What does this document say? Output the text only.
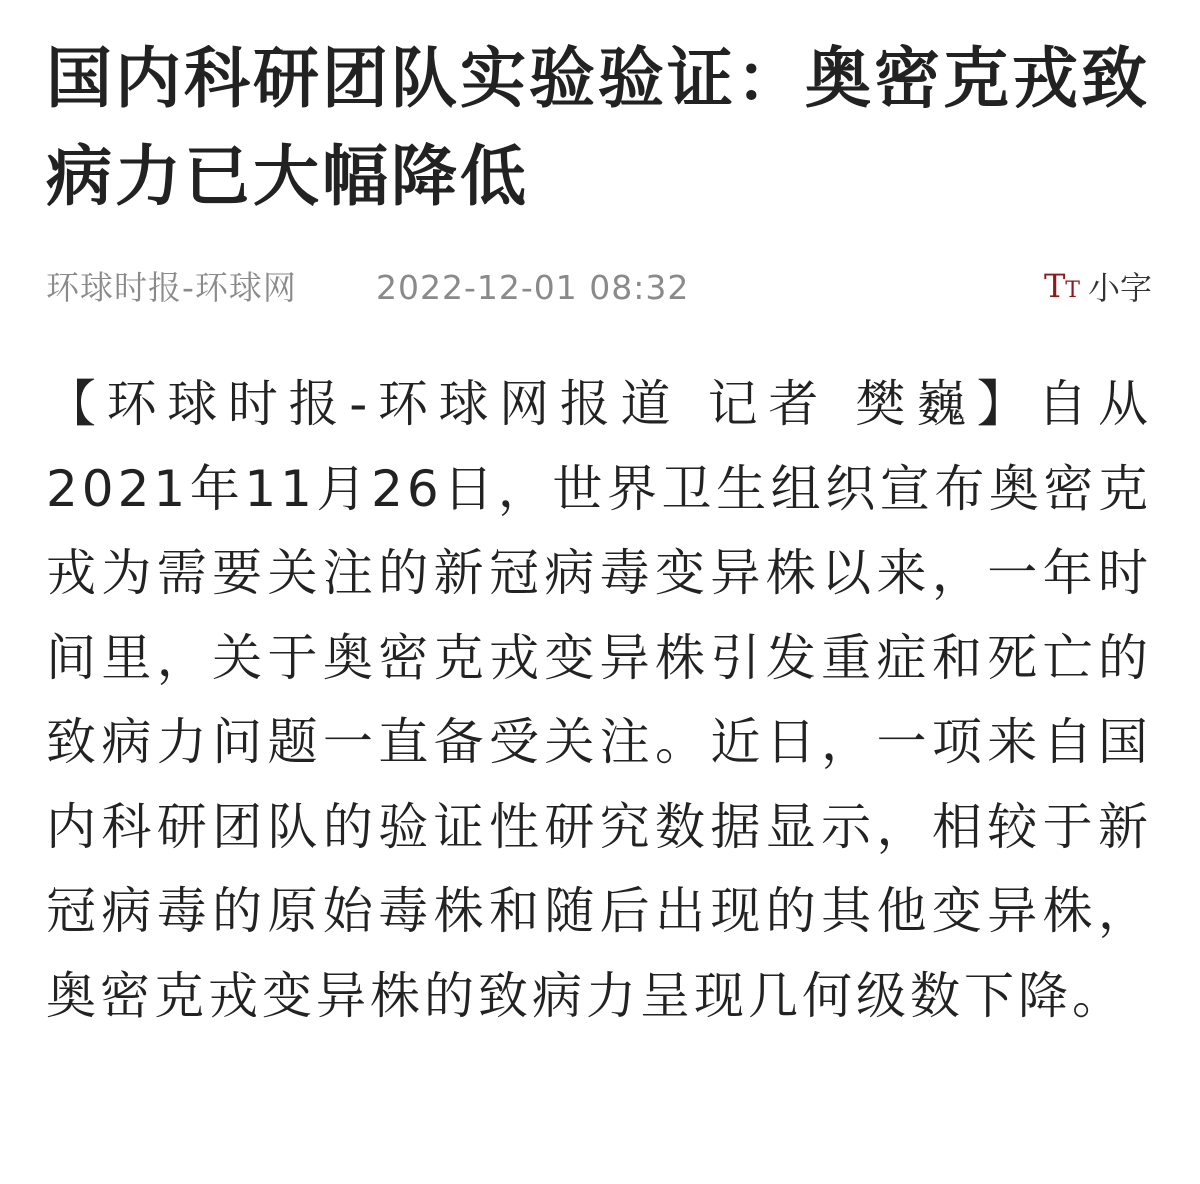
国内科研团队实验验证：奥密克戎致病力已大幅降低
环球时报-环球网 2022-12-01 08:32	T T 小字

【环球时报-环球网报道 记者 樊巍】自从2021年11月26日，世界卫生组织宣布奥密克戎为需要关注的新冠病毒变异株以来，一年时间里，关于奥密克戎变异株引发重症和死亡的致病力问题一直备受关注。近日，一项来自国内科研团队的验证性研究数据显示，相较于新冠病毒的原始毒株和随后出现的其他变异株，奥密克戎变异株的致病力呈现几何级数下降。
